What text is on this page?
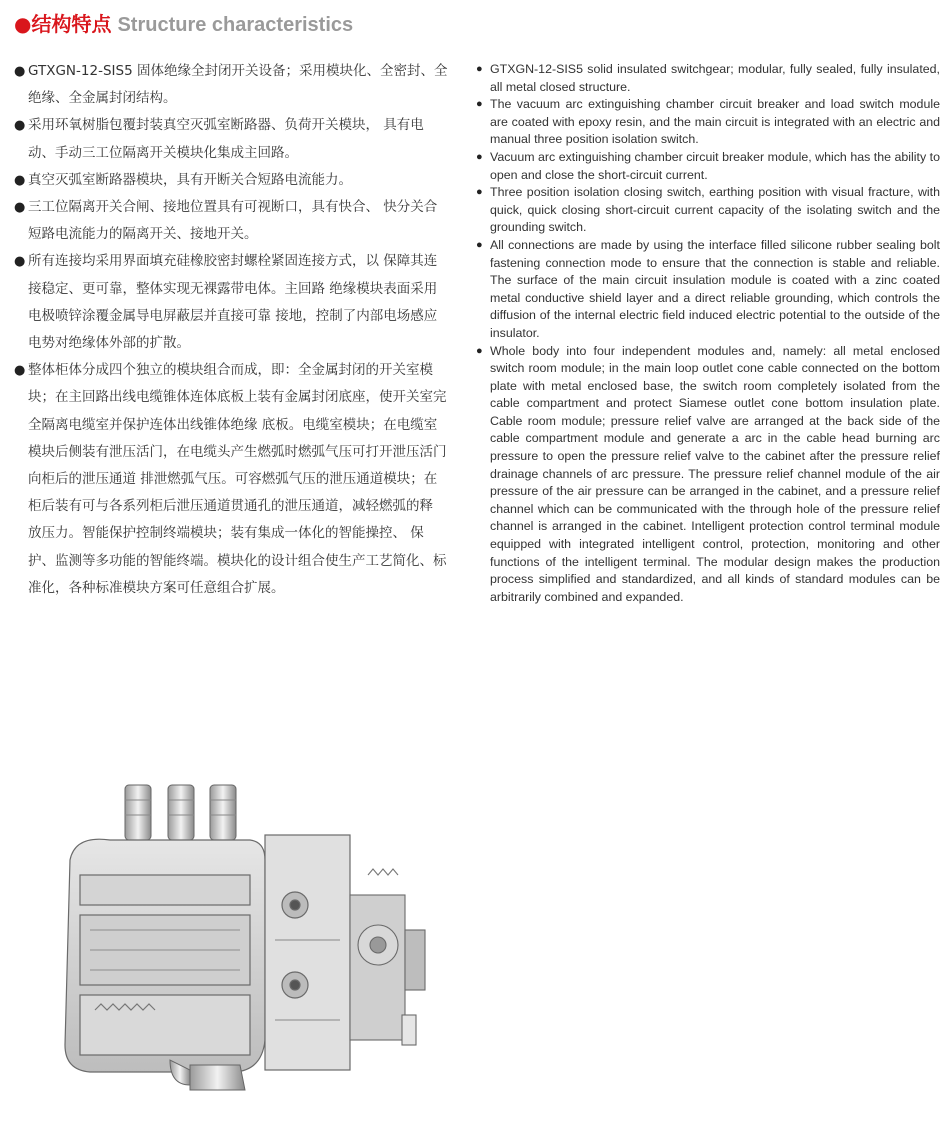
●结构特点 Structure characteristics
● GTXGN-12-SIS5 固体绝缘全封闭开关设备；采用模块化、全密封、全绝缘、全金属封闭结构。

● 采用环氧树脂包覆封装真空灭弧室断路器、负荷开关模块， 具有电动、手动三工位隔离开关模块化集成主回路。

● 真空灭弧室断路器模块，具有开断关合短路电流能力。

● 三工位隔离开关合闸、接地位置具有可视断口，具有快合、 快分关合短路电流能力的隔离开关、接地开关。

● 所有连接均采用界面填充硅橡胶密封螺栓紧固连接方式，以 保障其连接稳定、更可靠，整体实现无裸露带电体。主回路 绝缘模块表面采用电极喷锌涂覆金属导电屏蔽层并直接可靠 接地，控制了内部电场感应电势对绝缘体外部的扩散。

● 整体柜体分成四个独立的模块组合而成，即：全金属封闭的开关室模块；在主回路出线电缆锥体连体底板上装有金属封闭底座，使开关室完全隔离电缆室并保护连体出线锥体绝缘 底板。电缆室模块；在电缆室模块后侧装有泄压活门，在电缆头产生燃弧时燃弧气压可打开泄压活门向柜后的泄压通道 排泄燃弧气压。可容燃弧气压的泄压通道模块；在柜后装有可与各系列柜后泄压通道贯通孔的泄压通道，减轻燃弧的释 放压力。智能保护控制终端模块；装有集成一体化的智能操控、 保护、监测等多功能的智能终端。模块化的设计组合使生产工艺简化、标准化，各种标准模块方案可任意组合扩展。

● GTXGN-12-SIS5 solid insulated switchgear; modular, fully sealed, fully insulated, all metal closed structure.

● The vacuum arc extinguishing chamber circuit breaker and load switch module are coated with epoxy resin, and the main circuit is integrated with an electric and manual three position isolation switch.

● Vacuum arc extinguishing chamber circuit breaker module, which has the ability to open and close the short-circuit current.

● Three position isolation closing switch, earthing position with visual fracture, with quick, quick closing short-circuit current capacity of the isolating switch and the grounding switch.

● All connections are made by using the interface filled silicone rubber sealing bolt fastening connection mode to ensure that the connection is stable and reliable. The surface of the main circuit insulation module is coated with a zinc coated metal conductive shield layer and a direct reliable grounding, which controls the diffusion of the internal electric field induced electric potential to the outside of the insulator.

● Whole body into four independent modules and, namely: all metal enclosed switch room module; in the main loop outlet cone cable connected on the bottom plate with metal enclosed base, the switch room completely isolated from the cable compartment and protect Siamese outlet cone bottom insulation plate. Cable room module; pressure relief valve are arranged at the back side of the cable compartment module and generate a arc in the cable head burning arc pressure to open the pressure relief valve to the cabinet after the pressure relief drainage channels of arc pressure. The pressure relief channel module of the air pressure of the air pressure can be arranged in the cabinet, and a pressure relief channel which can be communicated with the through hole of the pressure relief channel is arranged in the cabinet. Intelligent protection control terminal module equipped with integrated intelligent control, protection, monitoring and other functions of the intelligent terminal. The modular design makes the production process simplified and standardized, and all kinds of standard modules can be arbitrarily combined and expanded.
